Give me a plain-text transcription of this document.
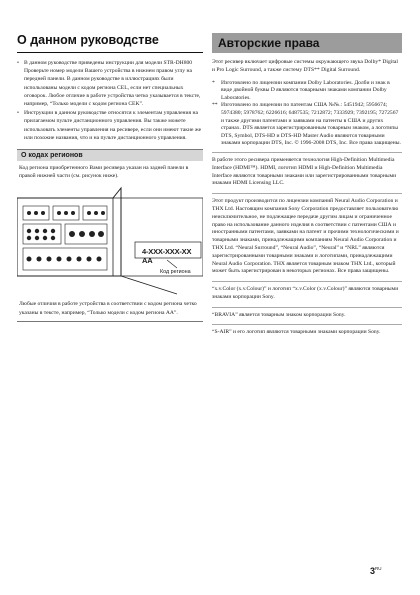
О данном руководстве
• В данном руководстве приведены инструкции для модели STR-DH800 Проверьте номер модели Вашего устройства в нижнем правом углу на передней панели. В данном руководстве в иллюстрациях были использованы модели с кодом региона CEL, если нет специальных оговорок. Любое отличие в работе устройства четко указывается в тексте, например, “Только модели с кодом региона CEK”.
• Инструкции в данном руководстве относятся к элементам управления на прилагаемом пульте дистанционного управления. Вы также можете использовать элементы управления на ресивере, если они имеют такие же или похожие названия, что и на пульте дистанционного управления.
О кодах регионов
Код региона приобретенного Вами ресивера указан на задней панели в правой нижней части (см. рисунок ниже).
4-XXX-XXX-XX AA
Код региона
Любые отличия в работе устройства в соответствии с кодом региона четко указаны в тексте, например, “Только модели с кодом региона AA”.
Авторские права
Этот ресивер включает цифровые системы окружающего звука Dolby* Digital и Pro Logic Surround, а также систему DTS** Digital Surround.
* Изготовлено по лицензии компании Dolby Laboratories. Долби и знак в виде двойной буквы D являются товарными знаками компании Dolby Laboratories.
** Изготовлено по лицензии по патентам США №№.: 5451942; 5956674; 5974380; 5978762; 6226616; 6487535; 7212872; 7333929; 7392195; 7272567 и также другими патентами и заявками на патенты в США и других странах. DTS является зарегистрированным товарным знаком, а логотипы DTS, Symbol, DTS-HD и DTS-HD Master Audio являются товарными знаками корпорации DTS, Inc. © 1996-2008 DTS, Inc. Все права защищены.
В работе этого ресивера применяется технология High-Definition Multimedia Interface (HDMI™). HDMI, логотип HDMI и High-Definition Multimedia Interface являются товарными знаками или зарегистрированными товарными знаками HDMI Licensing LLC.
Этот продукт производится по лицензии компаний Neural Audio Corporation и THX Ltd. Настоящим компания Sony Corporation предоставляет пользователю неисключительное, не подлежащее передаче другим лицам и ограниченное право на использование данного изделия в соответствии с патентами США и иностранными патентами, заявками на патент и прочими технологическими и товарными знаками, принадлежащими компаниям Neural Audio Corporation и THX Ltd. “Neural Surround”, “Neural Audio”, “Neural” и “NRL” являются зарегистрированными товарными знаками и логотипами, принадлежащими Neural Audio Corporation. THX является товарным знаком THX Ltd., который может быть зарегистрирован в некоторых регионах. Все права защищены.
“x.v.Color (x.v.Colour)” и логотип “x.v.Color (x.v.Colour)” являются товарными знаками корпорации Sony.
“BRAVIA” является товарным знаком корпорации Sony.
“S-AIR” и его логотип являются товарными знаками корпорации Sony.
$3^{RU}$
